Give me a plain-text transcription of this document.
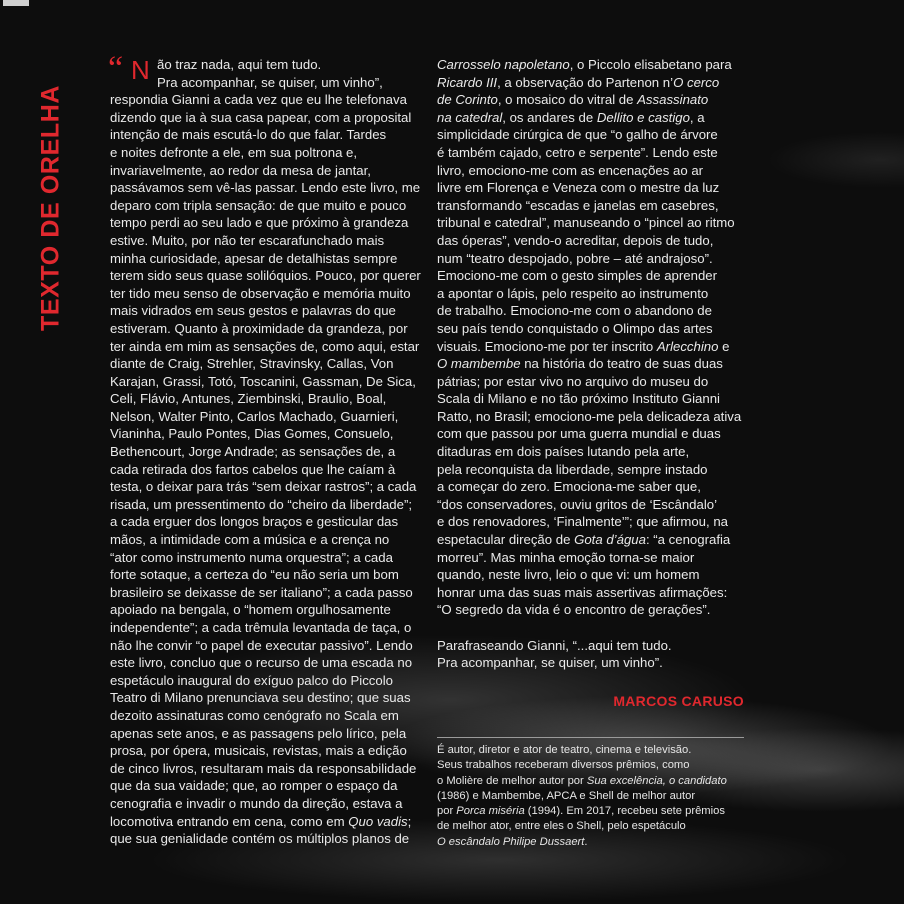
TEXTO DE ORELHA
“ N ão traz nada, aqui tem tudo.
Pra acompanhar, se quiser, um vinho”,
respondia Gianni a cada vez que eu lhe telefonava
dizendo que ia à sua casa papear, com a proposital
intenção de mais escutá-lo do que falar. Tardes
e noites defronte a ele, em sua poltrona e,
invariavelmente, ao redor da mesa de jantar,
passávamos sem vê-las passar. Lendo este livro, me
deparo com tripla sensação: de que muito e pouco
tempo perdi ao seu lado e que próximo à grandeza
estive. Muito, por não ter escarafunchado mais
minha curiosidade, apesar de detalhistas sempre
terem sido seus quase solilóquios. Pouco, por querer
ter tido meu senso de observação e memória muito
mais vidrados em seus gestos e palavras do que
estiveram. Quanto à proximidade da grandeza, por
ter ainda em mim as sensações de, como aqui, estar
diante de Craig, Strehler, Stravinsky, Callas, Von
Karajan, Grassi, Totó, Toscanini, Gassman, De Sica,
Celi, Flávio, Antunes, Ziembinski, Braulio, Boal,
Nelson, Walter Pinto, Carlos Machado, Guarnieri,
Vianinha, Paulo Pontes, Dias Gomes, Consuelo,
Bethencourt, Jorge Andrade; as sensações de, a
cada retirada dos fartos cabelos que lhe caíam à
testa, o deixar para trás “sem deixar rastros”; a cada
risada, um pressentimento do “cheiro da liberdade”;
a cada erguer dos longos braços e gesticular das
mãos, a intimidade com a música e a crença no
“ator como instrumento numa orquestra”; a cada
forte sotaque, a certeza do “eu não seria um bom
brasileiro se deixasse de ser italiano”; a cada passo
apoiado na bengala, o “homem orgulhosamente
independente”; a cada trêmula levantada de taça, o
não lhe convir “o papel de executar passivo”. Lendo
este livro, concluo que o recurso de uma escada no
espetáculo inaugural do exíguo palco do Piccolo
Teatro di Milano prenunciava seu destino; que suas
dezoito assinaturas como cenógrafo no Scala em
apenas sete anos, e as passagens pelo lírico, pela
prosa, por ópera, musicais, revistas, mais a edição
de cinco livros, resultaram mais da responsabilidade
que da sua vaidade; que, ao romper o espaço da
cenografia e invadir o mundo da direção, estava a
locomotiva entrando em cena, como em Quo vadis;
que sua genialidade contém os múltiplos planos de
Carrosselo napoletano, o Piccolo elisabetano para
Ricardo III, a observação do Partenon n’O cerco
de Corinto, o mosaico do vitral de Assassinato
na catedral, os andares de Dellito e castigo, a
simplicidade cirúrgica de que “o galho de árvore
é também cajado, cetro e serpente”. Lendo este
livro, emociono-me com as encenações ao ar
livre em Florença e Veneza com o mestre da luz
transformando “escadas e janelas em casebres,
tribunal e catedral”, manuseando o “pincel ao ritmo
das óperas”, vendo-o acreditar, depois de tudo,
num “teatro despojado, pobre – até andrajoso”.
Emociono-me com o gesto simples de aprender
a apontar o lápis, pelo respeito ao instrumento
de trabalho. Emociono-me com o abandono de
seu país tendo conquistado o Olimpo das artes
visuais. Emociono-me por ter inscrito Arlecchino e
O mambembe na história do teatro de suas duas
pátrias; por estar vivo no arquivo do museu do
Scala di Milano e no tão próximo Instituto Gianni
Ratto, no Brasil; emociono-me pela delicadeza ativa
com que passou por uma guerra mundial e duas
ditaduras em dois países lutando pela arte,
pela reconquista da liberdade, sempre instado
a começar do zero. Emociona-me saber que,
“dos conservadores, ouviu gritos de ‘Escândalo’
e dos renovadores, ‘Finalmente’”; que afirmou, na
espetacular direção de Gota d’água: “a cenografia
morreu”. Mas minha emoção torna-se maior
quando, neste livro, leio o que vi: um homem
honrar uma das suas mais assertivas afirmações:
“O segredo da vida é o encontro de gerações”.
Parafraseando Gianni, “...aqui tem tudo.
Pra acompanhar, se quiser, um vinho”.
MARCOS CARUSO
É autor, diretor e ator de teatro, cinema e televisão.
Seus trabalhos receberam diversos prêmios, como
o Molière de melhor autor por Sua excelência, o candidato
(1986) e Mambembe, APCA e Shell de melhor autor
por Porca miséria (1994). Em 2017, recebeu sete prêmios
de melhor ator, entre eles o Shell, pelo espetáculo
O escândalo Philipe Dussaert.
